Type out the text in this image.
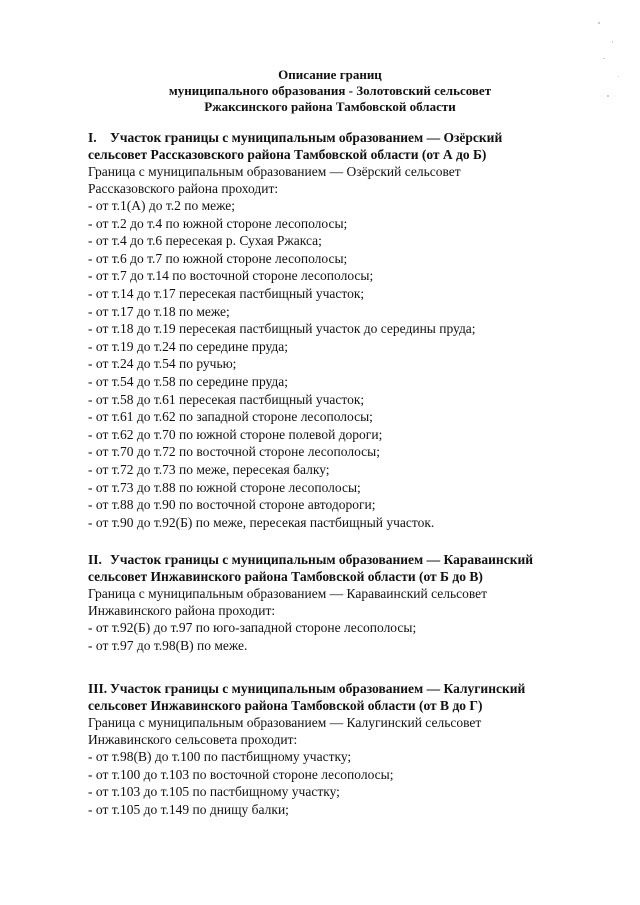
Описание границ
муниципального образования - Золотовский сельсовет
Ржаксинского района Тамбовской области

I. Участок границы с муниципальным образованием — Озёрский
сельсовет Рассказовского района Тамбовской области (от А до Б)

Граница с муниципальным образованием — Озёрский сельсовет
Рассказовского района проходит:

- от т.1(А) до т.2 по меже;
- от т.2 до т.4 по южной стороне лесополосы;
- от т.4 до т.6 пересекая р. Сухая Ржакса;
- от т.6 до т.7 по южной стороне лесополосы;
- от т.7 до т.14 по восточной стороне лесополосы;
- от т.14 до т.17 пересекая пастбищный участок;
- от т.17 до т.18 по меже;
- от т.18 до т.19 пересекая пастбищный участок до середины пруда;
- от т.19 до т.24 по середине пруда;
- от т.24 до т.54 по ручью;
- от т.54 до т.58 по середине пруда;
- от т.58 до т.61 пересекая пастбищный участок;
- от т.61 до т.62 по западной стороне лесополосы;
- от т.62 до т.70 по южной стороне полевой дороги;
- от т.70 до т.72 по восточной стороне лесополосы;
- от т.72 до т.73 по меже, пересекая балку;
- от т.73 до т.88 по южной стороне лесополосы;
- от т.88 до т.90 по восточной стороне автодороги;
- от т.90 до т.92(Б) по меже, пересекая пастбищный участок.

II. Участок границы с муниципальным образованием — Караваинский
сельсовет Инжавинского района Тамбовской области (от Б до В)

Граница с муниципальным образованием — Караваинский сельсовет
Инжавинского района проходит:

- от т.92(Б) до т.97 по юго-западной стороне лесополосы;
- от т.97 до т.98(В) по меже.

III. Участок границы с муниципальным образованием — Калугинский
сельсовет Инжавинского района Тамбовской области (от В до Г)

Граница с муниципальным образованием — Калугинский сельсовет
Инжавинского сельсовета проходит:

- от т.98(В) до т.100 по пастбищному участку;
- от т.100 до т.103 по восточной стороне лесополосы;
- от т.103 до т.105 по пастбищному участку;
- от т.105 до т.149 по днищу балки;
